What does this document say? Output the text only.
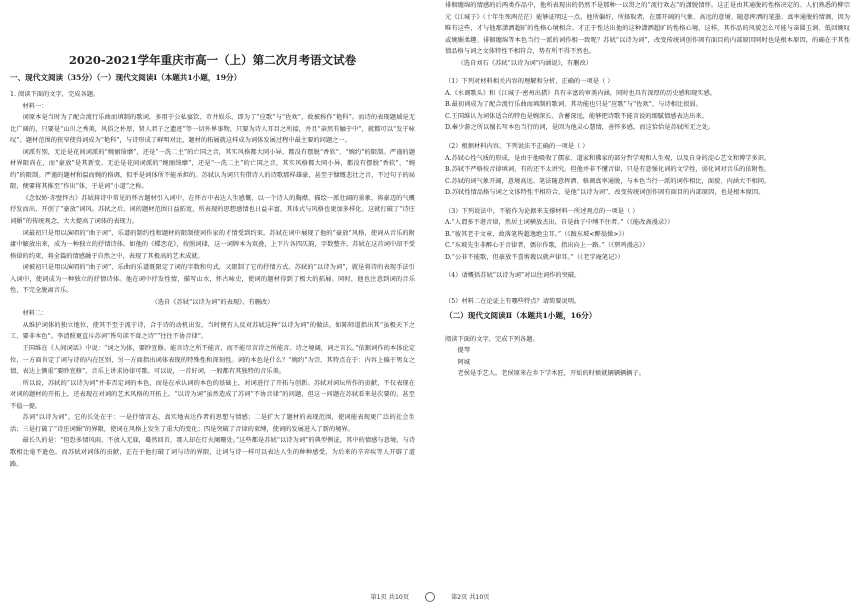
2020-2021学年重庆市高一（上）第二次月考语文试卷
一、现代文阅读（35分）（一）现代文阅读Ⅰ（本题共1小题，19分）

1. 阅读下面的文字，完成各题。

材料一：

词原本是当时为了配合流行乐曲而填制的歌词，多用于公私宴饮、市井娱乐，即为了“应歌”与“佐欢”，故被称作“艳科”。而诗的表现题域是无比广阔的，只要是“山川之秀美，风俗之朴厚，贤人君子之遗迹”等一切外界事物，只要为诗人耳目之所接，并且“亲然有触于中”，就都可以“发于咏叹”。题材范围的狭窄使得词成为“艳科”，与诗形成了鲜明对比，题材的拓展就这样成为词体发展过程中最主要的问题之一。

词派有别，无论是花间词派的“婉丽绮靡”，还是“一洗二主”的亡国之音，其实风格都大同小异，都没有摆脱“香软”、“婉约”的限制。严谨的题材界限尚在，而“豪放”是其新变。无论是花间词派的“婉丽绮靡”，还是“一洗二主”的亡国之音，其实风格都大同小异，都没有摆脱“香软”、“婉约”的限制。严谨的题材和温而婉的格调，似乎是词体所不能承担的。苏轼认为词只有借诗人的诗歌那样雄豪，甚至于慷慨悲壮之音，不过句子的局限，便要将其推至“作出”体，于是词“小道”之称。

《念奴娇·赤壁怀古》苏轼将诗中常见的怀古题材引入词中，在怀古中表达人生感慨，以一个诗人的胸襟，描绘一派壮阔的景象，将豪迈的气概抒发而出，开创了“豪放”词风。苏轼之后，词的题材范围日益拓宽，所表现的思想感情也日益丰富，其体式与风格也更加多样化。这就打破了“诗庄词媚”的传统观念，大大提高了词体的表现力。

词最初只是用以演唱的“曲子词”，乐谱的制约性和题材的限制使词作家的才情受到约束。苏轼在词中展现了他的“豪放”风格，使词从音乐的附庸中解放出来，成为一种独立的抒情诗体。如他的《蝶恋花》，按照词律，这一词牌本为双叠，上下片各四仄韵，字数整齐。苏轼在这首词中却不受格律的约束，将全篇的情感融于自然之中，表现了其极高的艺术成就。

词被初只是用以演唱的“曲子词”，乐曲的乐谱既限定了词的字数和句式，又限制了它的抒情方式。苏轼的“以诗为词”，就是将诗的表现手法引入词中，使词成为一种独立的抒情诗体。他在词中抒发性情，描写山水，怀古咏史，使词的题材得到了极大的拓展。同时，他也注意到词的音乐性，不完全脱离音乐。

（选自《苏轼“以诗为词”的表现》，有删改）

材料二：

从维护词体的独立地位，使其不至于流于诗，合于诗的动机出发，当时便有人反对苏轼这种“以诗为词”的做法。如陈师道指出其“虽极天下之工，要非本色”。李清照更直斥苏词“皆句读不葺之诗”“往往不协音律”。

王国维在《人间词话》中说：“词之为体，要眇宜修。能言诗之所不能言，而不能尽言诗之所能言。诗之境阔，词之言长。”依据词作的本体论定位，一方面肯定了词与诗的内在区别，另一方面指出词体表现的特殊性和深刻性。词的本色是什么？“婉约”为宗，其特点在于：内容上偏于男女之情，表达上侧重“要眇宜修”，音乐上讲求协律可歌。可以说，一首好词，一般都有其独特的音乐美。

所以说，苏轼的“以诗为词”并非否定词的本色，而是在承认词的本色的基础上，对词进行了开拓与创新。苏轼对词坛所作的贡献，不仅表现在对词的题材的开拓上，还表现在对词的艺术风格的开拓上。“以诗为词”虽然造成了苏词“不协音律”的问题，但这一问题在苏轼看来是次要的，甚至不值一提。

苏词“以诗为词”，它的长处在于：一是抒情言志，真实地表达作者的思想与情感；二是扩大了题材的表现范围，使词能表现更广泛的社会生活；三是打破了“诗庄词媚”的界限，使词在风格上发生了重大的变化；四是突破了音律的束缚，使词的发展进入了新的境界。

最长久的是：“但恐多情风雨，不放入无寐，蓦然回首，那人却在灯火阑珊处。”这些都是苏轼“以诗为词”的典型例证，其中的情感与意境，与诗歌相比毫不逊色。而苏轼对词体的贡献，正在于他打破了词与诗的界限，让词与诗一样可以表达人生的种种感受，为后来的辛弃疾等人开辟了道路。

徘徊缠绵的情感的后两类作品中，他所表现出的仍然不是那种一以贯之的“流行欢志”的潇脱情怀。这正是由其通脱的性格决定的。人们熟悉的柳宗元《江城子》（十年生死两茫茫）能够证明这一点。他所偏好，所择取者，在那开阔的气象、高远的意境、随意挥洒的笔墨、真率通脱的情调，因为唯有这些，才与他那潇洒超旷的性格心境相合。才正于性达出他的这种潇洒超旷的性格心境，这样，其作品的风貌怎么可能与亲圆玉润、低回婉叹或婉媚柔趣、徘徊缠绵等本色当行一派的词作相一致呢？苏轼“以诗为词”，改变传统词创作固有面目的内部原因同时也是根本原因，的确在于其性情品格与词之文体特性不相符合，势有所不得不然也。

（选自刘石《苏轼“以诗为词”内涵说》，有删改）

（1）下列对材料相关内容的理解和分析，正确的一项是（ ）

A.《水调歌头》和《江城子·密州出猎》具有丰富的审美内涵，同时也具有深厚的历史感和现实感。

B.最初词成为了配合流行乐曲而填制的歌词，其功能也只是“应歌”与“佐欢”，与诗相比很弱。

C.王国维认为词体适合的特色是婉深长、含蓄深远，能够把诗歌不能言说的细腻情感表达出来。

D.秦少游之所以擅长写本色当行的词，是因为他灵心慧情，善怀多感，而这恰恰是苏轼所无之处。

（2）根据材料内容，下列说法不正确的一项是（ ）

A.苏轼心性气质的形成，是由于他吸收了儒家、道家和佛家的部分哲学观和人生观，以及自身的淀心艺文和博学多识。

B.苏轼不严格按音律填词，有的还不太讲究。但他并非不懂音律，只是有意强化词的文学性，弱化词对音乐的依附性。

C.苏轼的词气象开阔，意境高远、笔法随意挥洒、格调真率通脱，与本色当行一派的词作相比，面貌、内涵大不相同。

D.苏轼性情品格与词之文体特性不相符合，是他“以诗为词”，改变传统词创作固有面目的内部原因，也是根本原因。

（3）下列说法中，不能作为论据来支撑材料一所述观点的一项是（ ）

A.“人谓多不谐音律，然居士词横放杰出，自是曲子中缚不住者。”（《能改斋漫录》）

B.“彼其老于文章，故落笔皆超逸绝尘耳。”（《跋东坡<醉翁操>》）

C.“东坡先生非醉心于音律者，偶尔作歌，指出向上一路。”（《碧鸡漫志》）

D.“公非不能歌，但豪放不喜剪裁以就声律耳。”（《老学庵笔记》）

（4）请概括苏轼“以诗为词”对以往词作的突破。

（5）材料二在论证上有哪些特点？请简要说明。

（二）现代文阅读Ⅱ（本题共1小题，16分）

阅读下面的文字，完成下列各题。

提琴

阿城

老侯是手艺人。老侯原来在乡下学木匠，开始的时候就辆辆辆辆子。

第1页 共10页	第2页 共10页
